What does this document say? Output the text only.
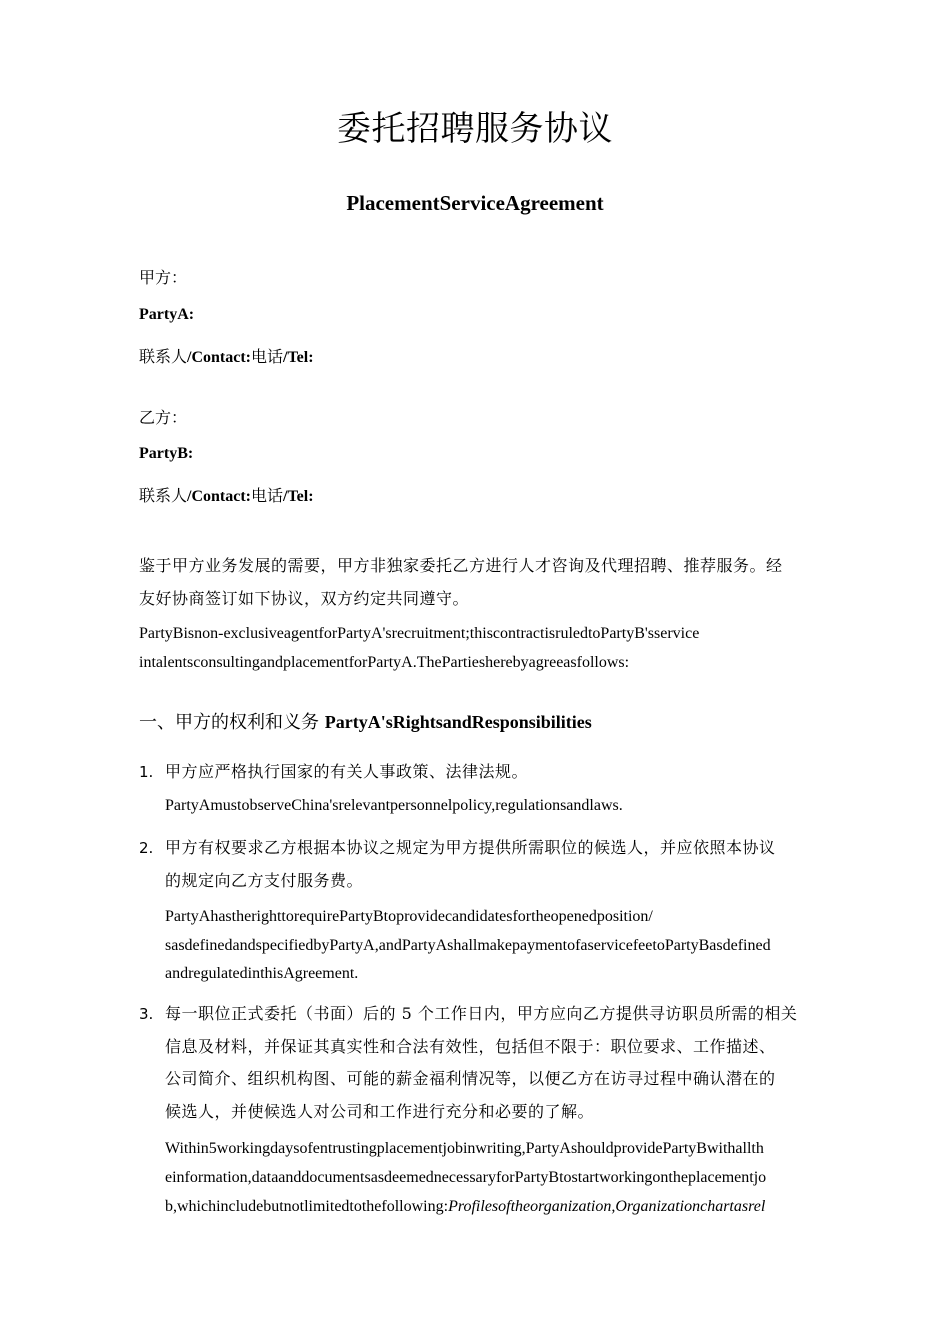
委托招聘服务协议
PlacementServiceAgreement
甲方：
PartyA:
联系人/Contact:电话/Tel:
乙方：
PartyB:
联系人/Contact:电话/Tel:
鉴于甲方业务发展的需要，甲方非独家委托乙方进行人才咨询及代理招聘、推荐服务。经
友好协商签订如下协议，双方约定共同遵守。
PartyBisnon-exclusiveagentforPartyA'srecruitment;thiscontractisruledtoPartyB'sservice
intalentsconsultingandplacementforPartyA.ThePartiesherebyagreeasfollows:
一、甲方的权利和义务 PartyA'sRightsandResponsibilities
1. 甲方应严格执行国家的有关人事政策、法律法规。
PartyAmustobserveChina'srelevantpersonnelpolicy,regulationsandlaws.
2. 甲方有权要求乙方根据本协议之规定为甲方提供所需职位的候选人，并应依照本协议
的规定向乙方支付服务费。
PartyAhastherighttorequirePartyBtoprovidecandidatesfortheopenedposition/
sasdefinedandspecifiedbyPartyA,andPartyAshallmakepaymentofaservicefeetoPartyBasdefined
andregulatedinthisAgreement.
3. 每一职位正式委托（书面）后的 5 个工作日内，甲方应向乙方提供寻访职员所需的相关
信息及材料，并保证其真实性和合法有效性，包括但不限于：职位要求、工作描述、
公司简介、组织机构图、可能的薪金福利情况等，以便乙方在访寻过程中确认潜在的
候选人，并使候选人对公司和工作进行充分和必要的了解。
Within5workingdaysofentrustingplacementjobinwriting,PartyAshouldprovidePartyBwithallth
einformation,dataanddocumentsasdeemednecessaryforPartyBtostartworkingontheplacementjo
b,whichincludebutnotlimitedtothefollowing:Profilesoftheorganization,Organizationchartasrel
